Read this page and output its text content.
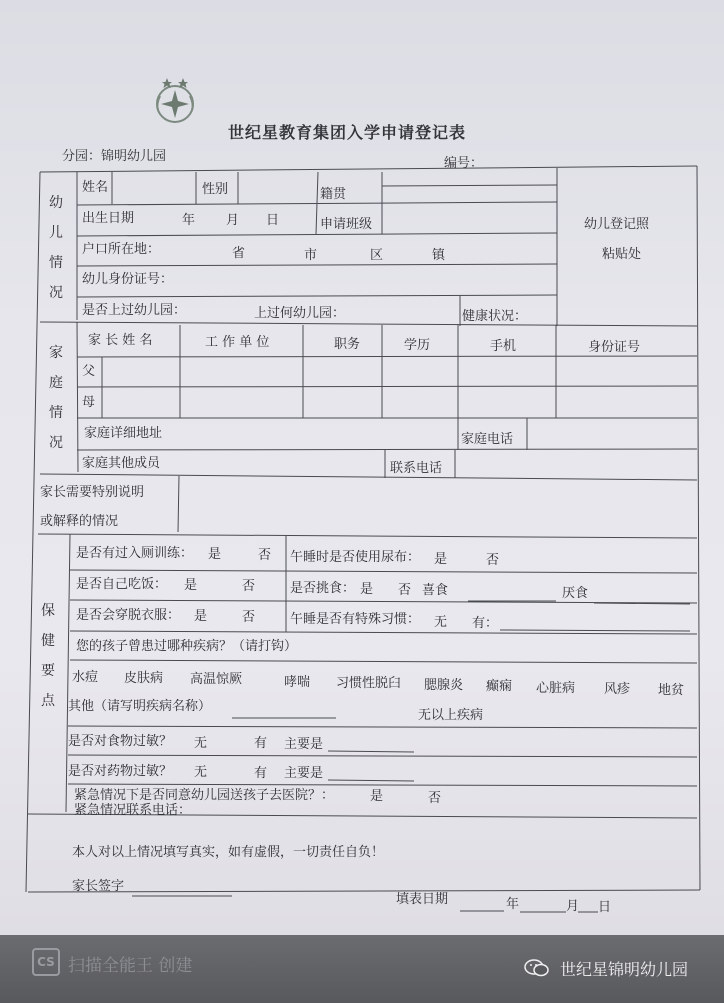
世纪星教育集团入学申请登记表
分园：锦明幼儿园	编号：
幼
儿
情
况
姓名	性别	籍贯
出生日期	年 月 日	申请班级
户口所在地：	省	市	区	镇
幼儿身份证号：
是否上过幼儿园：	上过何幼儿园：	健康状况：
幼儿登记照
粘贴处
家
庭
情
况
家 长 姓 名	工 作 单 位	职务	学历	手机	身份证号
父
母
家庭详细地址	家庭电话
家庭其他成员	联系电话
家长需要特别说明
或解释的情况
保
健
要
点
是否有过入厕训练： 是	否 午睡时是否使用尿布： 是	否
是否自己吃饭： 是	否	是否挑食： 是 否 喜食	厌食
是否会穿脱衣服： 是	否	午睡是否有特殊习惯： 无 有：
您的孩子曾患过哪种疾病？（请打钩）
水痘 皮肤病 高温惊厥	哮喘 习惯性脱臼 腮腺炎 癫痫 心脏病 风疹 地贫
其他（请写明疾病名称）
无以上疾病
是否对食物过敏？ 无	有 主要是
是否对药物过敏？ 无	有 主要是
紧急情况下是否同意幼儿园送孩子去医院？：	是	否
紧急情况联系电话：
本人对以上情况填写真实，如有虚假，一切责任自负！
家长签字
填表日期	年	月 日
CS 扫描全能王 创建	世纪星锦明幼儿园
